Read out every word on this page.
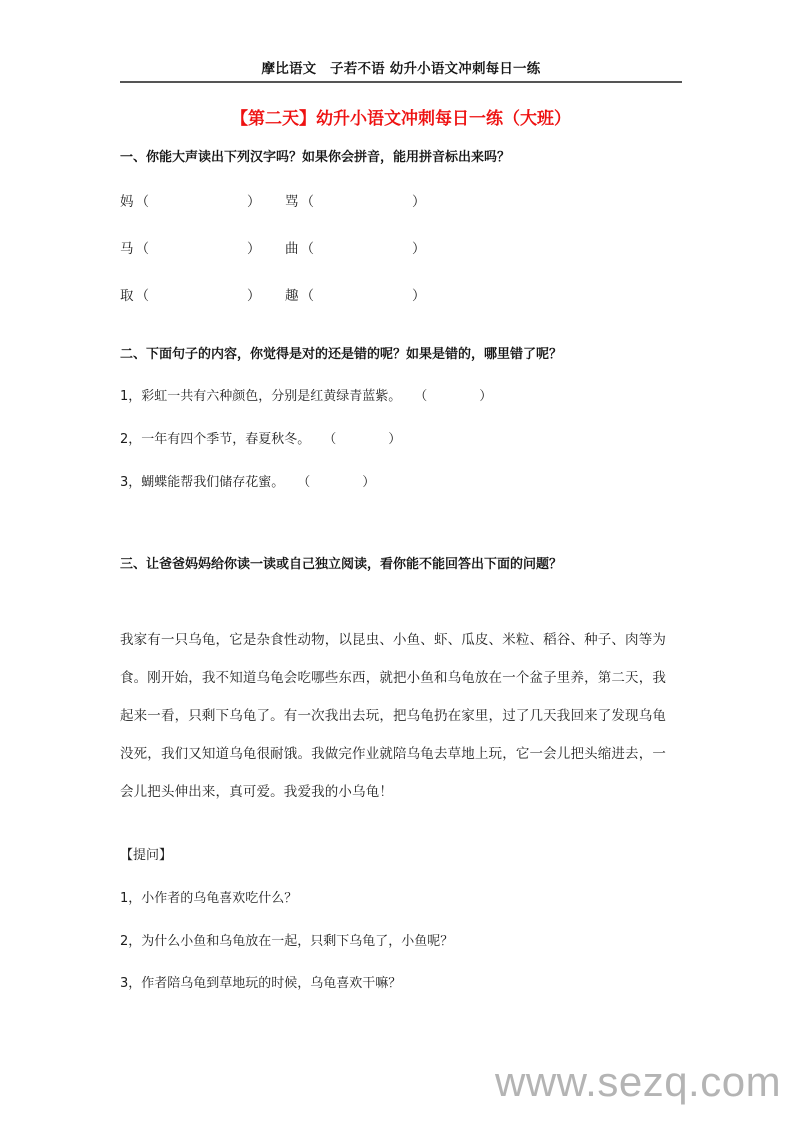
摩比语文　子若不语 幼升小语文冲刺每日一练
【第二天】幼升小语文冲刺每日一练（大班）
一、你能大声读出下列汉字吗？如果你会拼音，能用拼音标出来吗？
妈 （	） 骂 （	）
马 （	） 曲 （	）
取 （	） 趣 （	）
二、下面句子的内容，你觉得是对的还是错的呢？如果是错的，哪里错了呢？
1，彩虹一共有六种颜色，分别是红黄绿青蓝紫。　　（　　　　）
2，一年有四个季节，春夏秋冬。　　（　　　　）
3，蝴蝶能帮我们储存花蜜。　　（　　　　）
三、让爸爸妈妈给你读一读或自己独立阅读，看你能不能回答出下面的问题？
我家有一只乌龟，它是杂食性动物，以昆虫、小鱼、虾、瓜皮、米粒、稻谷、种子、肉等为
食。刚开始，我不知道乌龟会吃哪些东西，就把小鱼和乌龟放在一个盆子里养，第二天，我
起来一看，只剩下乌龟了。有一次我出去玩，把乌龟扔在家里，过了几天我回来了发现乌龟
没死，我们又知道乌龟很耐饿。我做完作业就陪乌龟去草地上玩，它一会儿把头缩进去，一
会儿把头伸出来，真可爱。我爱我的小乌龟！
【提问】
1，小作者的乌龟喜欢吃什么？
2，为什么小鱼和乌龟放在一起，只剩下乌龟了，小鱼呢？
3，作者陪乌龟到草地玩的时候，乌龟喜欢干嘛？
www.sezq.com
